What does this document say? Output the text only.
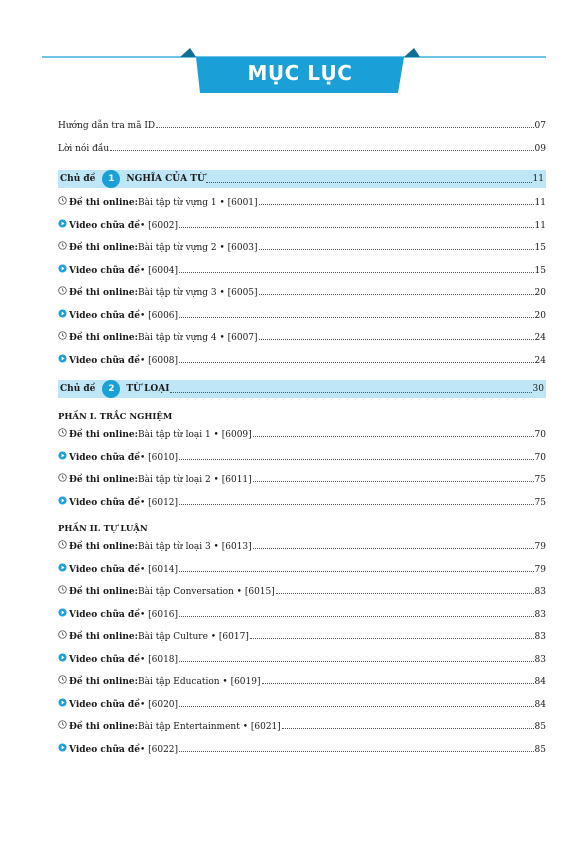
MỤC LỤC
Hướng dẫn tra mã ID	07
Lời nói đầu	09
Chủ đề	1	NGHĨA CỦA TỪ	11
Đề thi online: Bài tập từ vựng 1 • [6001]	11
Video chữa đề • [6002]	11
Đề thi online: Bài tập từ vựng 2 • [6003]	15
Video chữa đề • [6004]	15
Đề thi online: Bài tập từ vựng 3 • [6005]	20
Video chữa đề • [6006]	20
Đề thi online: Bài tập từ vựng 4 • [6007]	24
Video chữa đề • [6008]	24
Chủ đề	2	TỪ LOẠI	30
PHẦN I. TRẮC NGHIỆM
Đề thi online: Bài tập từ loại 1 • [6009]	70
Video chữa đề • [6010]	70
Đề thi online: Bài tập từ loại 2 • [6011]	75
Video chữa đề • [6012]	75
PHẦN II. TỰ LUẬN
Đề thi online: Bài tập từ loại 3 • [6013]	79
Video chữa đề • [6014]	79
Đề thi online: Bài tập Conversation • [6015]	83
Video chữa đề • [6016]	83
Đề thi online: Bài tập Culture • [6017]	83
Video chữa đề • [6018]	83
Đề thi online: Bài tập Education • [6019]	84
Video chữa đề • [6020]	84
Đề thi online: Bài tập Entertainment • [6021]	85
Video chữa đề • [6022]	85
